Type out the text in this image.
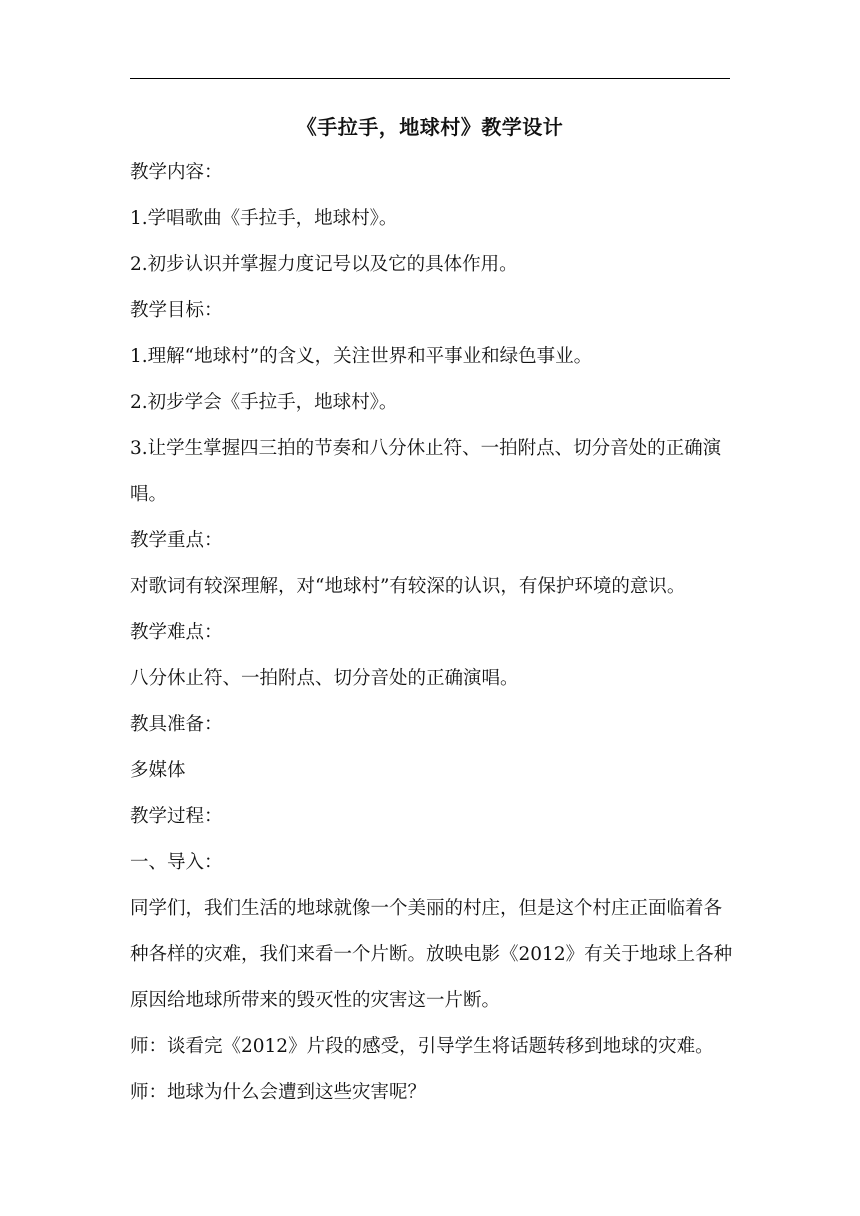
《手拉手，地球村》教学设计

教学内容：

1.学唱歌曲《手拉手，地球村》。

2.初步认识并掌握力度记号以及它的具体作用。

教学目标：

1.理解“地球村”的含义，关注世界和平事业和绿色事业。

2.初步学会《手拉手，地球村》。

3.让学生掌握四三拍的节奏和八分休止符、一拍附点、切分音处的正确演唱。

教学重点：

对歌词有较深理解，对“地球村”有较深的认识，有保护环境的意识。

教学难点：

八分休止符、一拍附点、切分音处的正确演唱。

教具准备：

多媒体

教学过程：

一、导入：

同学们，我们生活的地球就像一个美丽的村庄，但是这个村庄正面临着各种各样的灾难，我们来看一个片断。放映电影《2012》有关于地球上各种原因给地球所带来的毁灭性的灾害这一片断。

师：谈看完《2012》片段的感受，引导学生将话题转移到地球的灾难。

师：地球为什么会遭到这些灾害呢？
